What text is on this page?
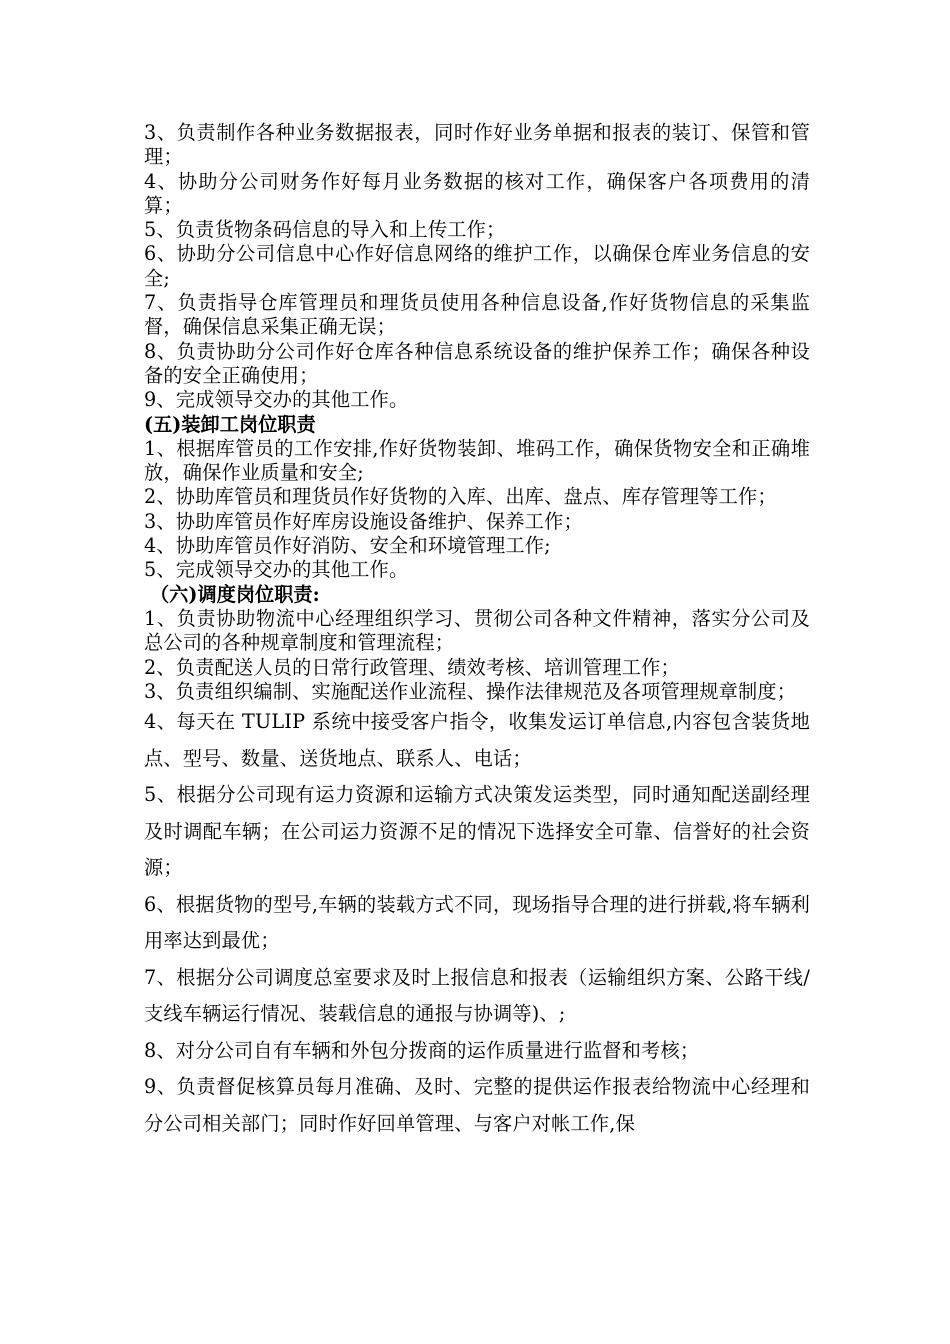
3、负责制作各种业务数据报表，同时作好业务单据和报表的装订、保管和管理；

4、协助分公司财务作好每月业务数据的核对工作，确保客户各项费用的清算；

5、负责货物条码信息的导入和上传工作；

6、协助分公司信息中心作好信息网络的维护工作，以确保仓库业务信息的安全;

7、负责指导仓库管理员和理货员使用各种信息设备,作好货物信息的采集监督，确保信息采集正确无误；

8、负责协助分公司作好仓库各种信息系统设备的维护保养工作；确保各种设备的安全正确使用；

9、完成领导交办的其他工作。

(五)装卸工岗位职责

1、根据库管员的工作安排,作好货物装卸、堆码工作，确保货物安全和正确堆放，确保作业质量和安全;

2、协助库管员和理货员作好货物的入库、出库、盘点、库存管理等工作；

3、协助库管员作好库房设施设备维护、保养工作；

4、协助库管员作好消防、安全和环境管理工作;

5、完成领导交办的其他工作。

（六)调度岗位职责:

1、负责协助物流中心经理组织学习、贯彻公司各种文件精神，落实分公司及总公司的各种规章制度和管理流程；

2、负责配送人员的日常行政管理、绩效考核、培训管理工作；

3、负责组织编制、实施配送作业流程、操作法律规范及各项管理规章制度；

4、每天在 TULIP 系统中接受客户指令，收集发运订单信息,内容包含装货地点、型号、数量、送货地点、联系人、电话；

5、根据分公司现有运力资源和运输方式决策发运类型，同时通知配送副经理及时调配车辆；在公司运力资源不足的情况下选择安全可靠、信誉好的社会资源；

6、根据货物的型号,车辆的装载方式不同，现场指导合理的进行拼载,将车辆利用率达到最优；

7、根据分公司调度总室要求及时上报信息和报表（运输组织方案、公路干线/支线车辆运行情况、装载信息的通报与协调等)、;

8、对分公司自有车辆和外包分拨商的运作质量进行监督和考核；

9、负责督促核算员每月准确、及时、完整的提供运作报表给物流中心经理和分公司相关部门；同时作好回单管理、与客户对帐工作,保
